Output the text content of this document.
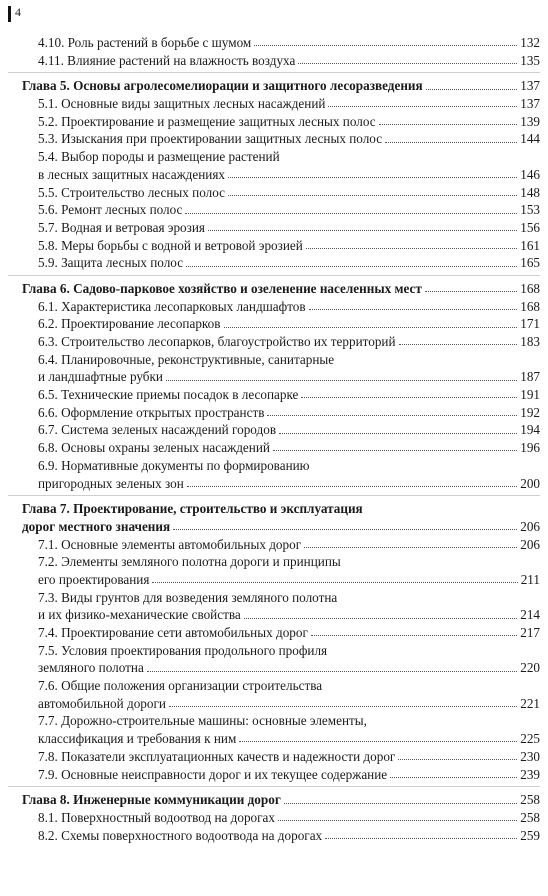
4
4.10. Роль растений в борьбе с шумом	132
4.11. Влияние растений на влажность воздуха	135
Глава 5. Основы агролесомелиорации и защитного лесоразведения	137
5.1. Основные виды защитных лесных насаждений	137
5.2. Проектирование и размещение защитных лесных полос	139
5.3. Изыскания при проектировании защитных лесных полос	144
5.4. Выбор породы и размещение растений
в лесных защитных насаждениях	146
5.5. Строительство лесных полос	148
5.6. Ремонт лесных полос	153
5.7. Водная и ветровая эрозия	156
5.8. Меры борьбы с водной и ветровой эрозией	161
5.9. Защита лесных полос	165
Глава 6. Садово-парковое хозяйство и озеленение населенных мест	168
6.1. Характеристика лесопарковых ландшафтов	168
6.2. Проектирование лесопарков	171
6.3. Строительство лесопарков, благоустройство их территорий	183
6.4. Планировочные, реконструктивные, санитарные
и ландшафтные рубки	187
6.5. Технические приемы посадок в лесопарке	191
6.6. Оформление открытых пространств	192
6.7. Система зеленых насаждений городов	194
6.8. Основы охраны зеленых насаждений	196
6.9. Нормативные документы по формированию
пригородных зеленых зон	200
Глава 7. Проектирование, строительство и эксплуатация
дорог местного значения	206
7.1. Основные элементы автомобильных дорог	206
7.2. Элементы земляного полотна дороги и принципы
его проектирования	211
7.3. Виды грунтов для возведения земляного полотна
и их физико-механические свойства	214
7.4. Проектирование сети автомобильных дорог	217
7.5. Условия проектирования продольного профиля
земляного полотна	220
7.6. Общие положения организации строительства
автомобильной дороги	221
7.7. Дорожно-строительные машины: основные элементы,
классификация и требования к ним	225
7.8. Показатели эксплуатационных качеств и надежности дорог	230
7.9. Основные неисправности дорог и их текущее содержание	239
Глава 8. Инженерные коммуникации дорог	258
8.1. Поверхностный водоотвод на дорогах	258
8.2. Схемы поверхностного водоотвода на дорогах	259
